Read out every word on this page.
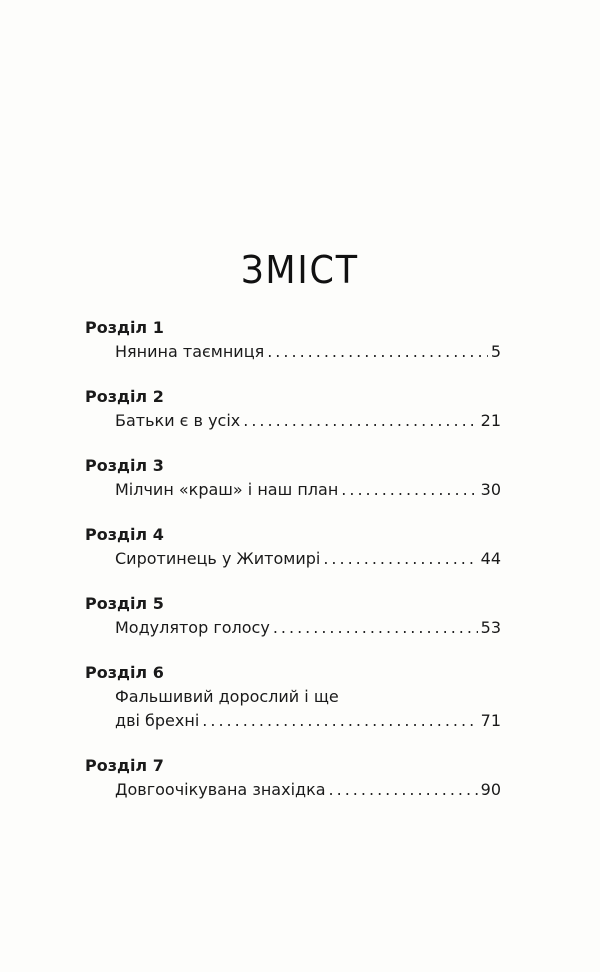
ЗМІСТ
Розділ 1
Нянина таємниця .....	5
Розділ 2
Батьки є в усіх .....	21
Розділ 3
Мілчин «краш» і наш план .....	30
Розділ 4
Сиротинець у Житомирі .....	44
Розділ 5
Модулятор голосу .....	53
Розділ 6
Фальшивий дорослий і ще
дві брехні .....	71
Розділ 7
Довгоочікувана знахідка .....	90
